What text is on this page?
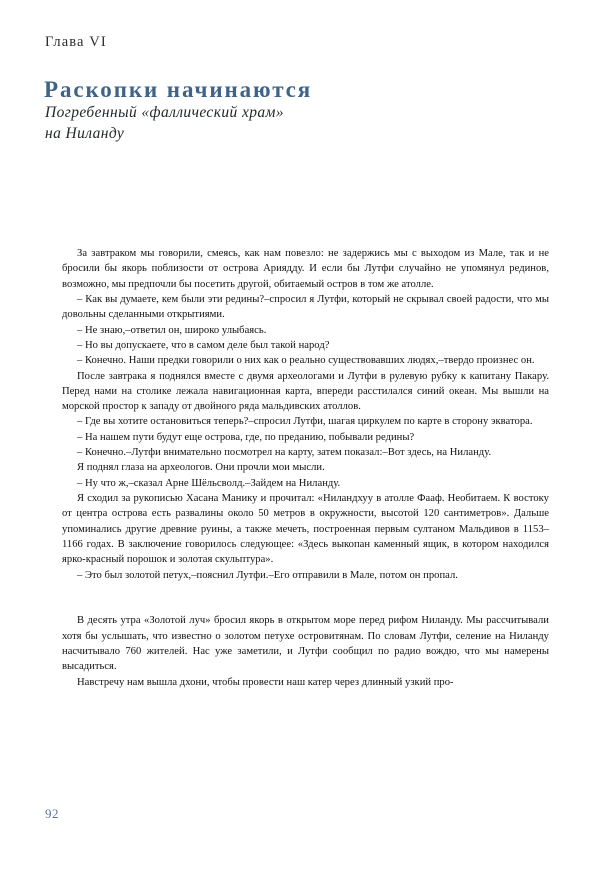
Глава VI
Раскопки начинаются
Погребенный «фаллический храм»
на Ниланду

За завтраком мы говорили, смеясь, как нам повезло: не задержись мы с выходом из Мале, так и не бросили бы якорь поблизости от острова Ариядду. И если бы Лутфи случайно не упомянул рединов, возможно, мы предпочли бы посетить другой, обитаемый остров в том же атолле.

– Как вы думаете, кем были эти редины?–спросил я Лутфи, который не скрывал своей радости, что мы довольны сделанными открытиями.

– Не знаю,–ответил он, широко улыбаясь.

– Но вы допускаете, что в самом деле был такой народ?

– Конечно. Наши предки говорили о них как о реально существовавших людях,–твердо произнес он.

После завтрака я поднялся вместе с двумя археологами и Лутфи в рулевую рубку к капитану Пакару. Перед нами на столике лежала навигационная карта, впереди расстилался синий океан. Мы вышли на морской простор к западу от двойного ряда мальдивских атоллов.

– Где вы хотите остановиться теперь?–спросил Лутфи, шагая циркулем по карте в сторону экватора.

– На нашем пути будут еще острова, где, по преданию, побывали редины?

– Конечно.–Лутфи внимательно посмотрел на карту, затем показал:–Вот здесь, на Ниланду.

Я поднял глаза на археологов. Они прочли мои мысли.

– Ну что ж,–сказал Арне Шёльсволд.–Зайдем на Ниланду.

Я сходил за рукописью Хасана Манику и прочитал: «Ниландхуу в атолле Фааф. Необитаем. К востоку от центра острова есть развалины около 50 метров в окружности, высотой 120 сантиметров». Дальше упоминались другие древние руины, а также мечеть, построенная первым султаном Мальдивов в 1153–1166 годах. В заключение говорилось следующее: «Здесь выкопан каменный ящик, в котором находился ярко-красный порошок и золотая скульптура».

– Это был золотой петух,–пояснил Лутфи.–Его отправили в Мале, потом он пропал.

В десять утра «Золотой луч» бросил якорь в открытом море перед рифом Ниланду. Мы рассчитывали хотя бы услышать, что известно о золотом петухе островитянам. По словам Лутфи, селение на Ниланду насчитывало 760 жителей. Нас уже заметили, и Лутфи сообщил по радио вождю, что мы намерены высадиться.

Навстречу нам вышла дхони, чтобы провести наш катер через длинный узкий про-

92
